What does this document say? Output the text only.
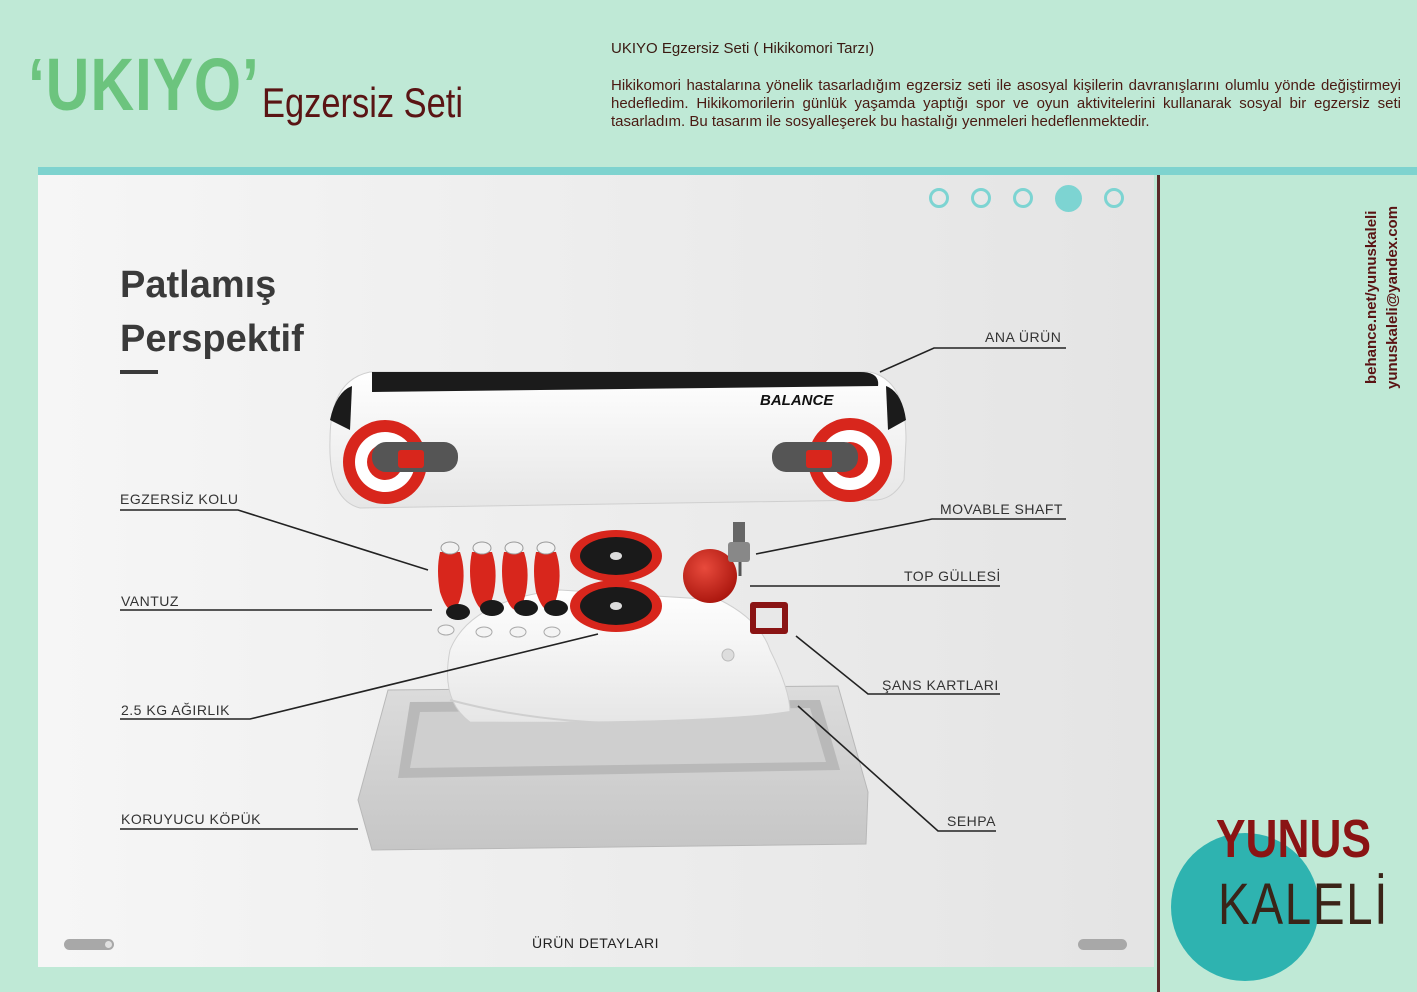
‘UKIYO’ Egzersiz Seti
UKIYO Egzersiz Seti ( Hikikomori Tarzı)
Hikikomori hastalarına yönelik tasarladığım egzersiz seti ile asosyal kişilerin davranışlarını olumlu yönde değiştirmeyi hedefledim. Hikikomorilerin günlük yaşamda yaptığı spor ve oyun aktivitelerini kullanarak sosyal bir egzersiz seti tasarladım. Bu tasarım ile sosyalleşerek bu hastalığı yenmeleri hedeflenmektedir.
Patlamış
Perspektif
BALANCE
ANA ÜRÜN
EGZERSİZ KOLU
MOVABLE SHAFT
TOP GÜLLESİ
VANTUZ
ŞANS KARTLARI
2.5 KG AĞIRLIK
SEHPA
KORUYUCU KÖPÜK
ÜRÜN DETAYLARI
behance.net/yunuskaleli yunuskaleli@yandex.com
YUNUS
KALELİ
